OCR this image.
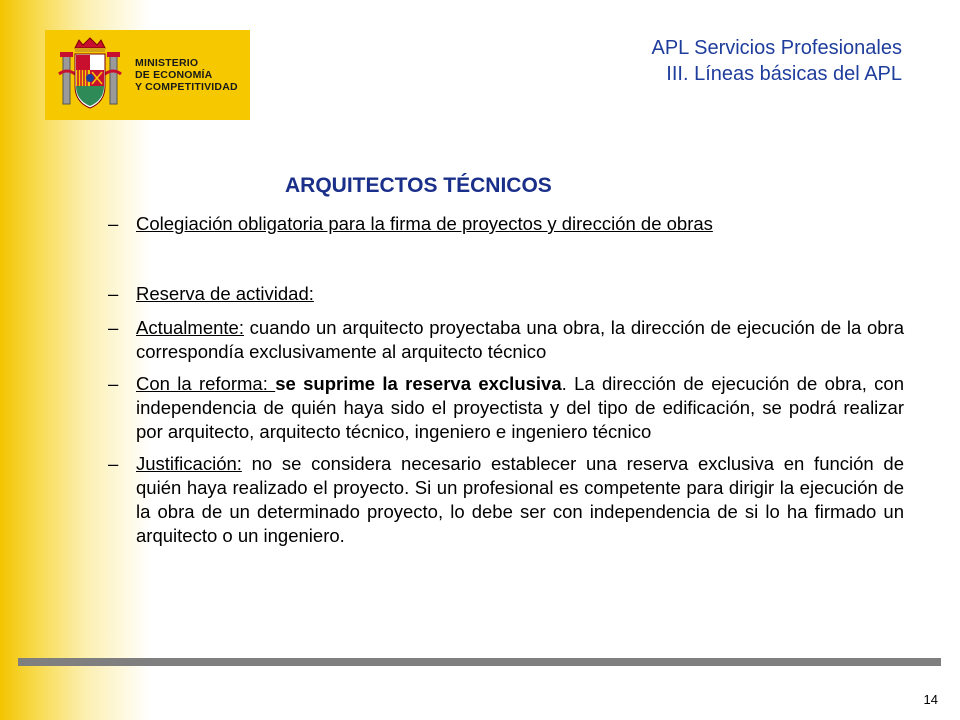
MINISTERIO
DE ECONOMÍA
Y COMPETITIVIDAD
APL Servicios Profesionales
III. Líneas básicas del APL
ARQUITECTOS TÉCNICOS
– Colegiación obligatoria para la firma de proyectos y dirección de obras
– Reserva de actividad:
– Actualmente: cuando un arquitecto proyectaba una obra, la dirección de ejecución de la obra correspondía exclusivamente al arquitecto técnico
– Con la reforma: se suprime la reserva exclusiva. La dirección de ejecución de obra, con independencia de quién haya sido el proyectista y del tipo de edificación, se podrá realizar por arquitecto, arquitecto técnico, ingeniero e ingeniero técnico
– Justificación: no se considera necesario establecer una reserva exclusiva en función de quién haya realizado el proyecto. Si un profesional es competente para dirigir la ejecución de la obra de un determinado proyecto, lo debe ser con independencia de si lo ha firmado un arquitecto o un ingeniero.
14
